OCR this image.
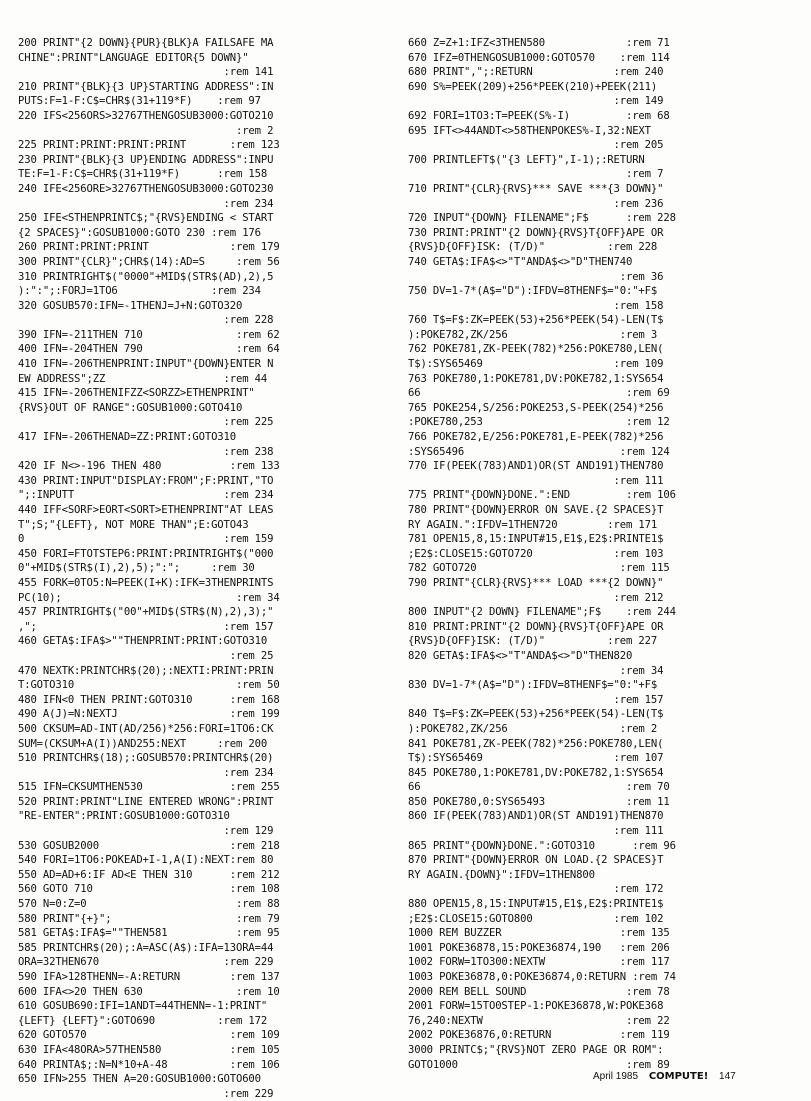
200 PRINT"{2 DOWN}{PUR}{BLK}A FAILSAFE MA
CHINE":PRINT"LANGUAGE EDITOR{5 DOWN}"
:rem 141
210 PRINT"{BLK}{3 UP}STARTING ADDRESS":IN
PUTS:F=1-F:C$=CHR$(31+119*F)    :rem 97
220 IFS<256ORS>32767THENGOSUB3000:GOTO210
:rem 2
225 PRINT:PRINT:PRINT:PRINT       :rem 123
230 PRINT"{BLK}{3 UP}ENDING ADDRESS":INPU
TE:F=1-F:C$=CHR$(31+119*F)      :rem 158
240 IFE<256ORE>32767THENGOSUB3000:GOTO230
:rem 234
250 IFE<STHENPRINTC$;"{RVS}ENDING < START
{2 SPACES}":GOSUB1000:GOTO 230 :rem 176
260 PRINT:PRINT:PRINT             :rem 179
300 PRINT"{CLR}";CHR$(14):AD=S     :rem 56
310 PRINTRIGHT$("0000"+MID$(STR$(AD),2),5
):":";:FORJ=1TO6               :rem 234
320 GOSUB570:IFN=-1THENJ=J+N:GOTO320
:rem 228
390 IFN=-211THEN 710               :rem 62
400 IFN=-204THEN 790               :rem 64
410 IFN=-206THENPRINT:INPUT"{DOWN}ENTER N
EW ADDRESS";ZZ                   :rem 44
415 IFN=-206THENIFZZ<SORZZ>ETHENPRINT"
{RVS}OUT OF RANGE":GOSUB1000:GOTO410
:rem 225
417 IFN=-206THENAD=ZZ:PRINT:GOTO310
:rem 238
420 IF N<>-196 THEN 480           :rem 133
430 PRINT:INPUT"DISPLAY:FROM";F:PRINT,"TO
";:INPUTT                        :rem 234
440 IFF<SORF>EORT<SORT>ETHENPRINT"AT LEAS
T";S;"{LEFT}, NOT MORE THAN";E:GOTO43
0                                :rem 159
450 FORI=FTOTSTEP6:PRINT:PRINTRIGHT$("000
0"+MID$(STR$(I),2),5);":";     :rem 30
455 FORK=0TO5:N=PEEK(I+K):IFK=3THENPRINTS
PC(10);                            :rem 34
457 PRINTRIGHT$("00"+MID$(STR$(N),2),3);"
,";                              :rem 157
460 GETA$:IFA$>""THENPRINT:PRINT:GOTO310
:rem 25
470 NEXTK:PRINTCHR$(20);:NEXTI:PRINT:PRIN
T:GOTO310                          :rem 50
480 IFN<0 THEN PRINT:GOTO310      :rem 168
490 A(J)=N:NEXTJ                  :rem 199
500 CKSUM=AD-INT(AD/256)*256:FORI=1TO6:CK
SUM=(CKSUM+A(I))AND255:NEXT     :rem 200
510 PRINTCHR$(18);:GOSUB570:PRINTCHR$(20)
:rem 234
515 IFN=CKSUMTHEN530              :rem 255
520 PRINT:PRINT"LINE ENTERED WRONG":PRINT
"RE-ENTER":PRINT:GOSUB1000:GOTO310
:rem 129
530 GOSUB2000                     :rem 218
540 FORI=1TO6:POKEAD+I-1,A(I):NEXT:rem 80
550 AD=AD+6:IF AD<E THEN 310      :rem 212
560 GOTO 710                      :rem 108
570 N=0:Z=0                        :rem 88
580 PRINT"{+}";                    :rem 79
581 GETA$:IFA$=""THEN581           :rem 95
585 PRINTCHR$(20);:A=ASC(A$):IFA=13ORA=44
ORA=32THEN670                    :rem 229
590 IFA>128THENN=-A:RETURN        :rem 137
600 IFA<>20 THEN 630               :rem 10
610 GOSUB690:IFI=1ANDT=44THENN=-1:PRINT"
{LEFT} {LEFT}":GOTO690          :rem 172
620 GOTO570                       :rem 109
630 IFA<48ORA>57THEN580           :rem 105
640 PRINTA$;:N=N*10+A-48          :rem 106
650 IFN>255 THEN A=20:GOSUB1000:GOTO600
:rem 229
660 Z=Z+1:IFZ<3THEN580             :rem 71
670 IFZ=0THENGOSUB1000:GOTO570    :rem 114
680 PRINT",";:RETURN             :rem 240
690 S%=PEEK(209)+256*PEEK(210)+PEEK(211)
:rem 149
692 FORI=1TO3:T=PEEK(S%-I)         :rem 68
695 IFT<>44ANDT<>58THENPOKES%-I,32:NEXT
:rem 205
700 PRINTLEFT$("{3 LEFT}",I-1);:RETURN
:rem 7
710 PRINT"{CLR}{RVS}*** SAVE ***{3 DOWN}"
:rem 236
720 INPUT"{DOWN} FILENAME";F$      :rem 228
730 PRINT:PRINT"{2 DOWN}{RVS}T{OFF}APE OR
{RVS}D{OFF}ISK: (T/D)"          :rem 228
740 GETA$:IFA$<>"T"ANDA$<>"D"THEN740
:rem 36
750 DV=1-7*(A$="D"):IFDV=8THENF$="0:"+F$
:rem 158
760 T$=F$:ZK=PEEK(53)+256*PEEK(54)-LEN(T$
):POKE782,ZK/256                  :rem 3
762 POKE781,ZK-PEEK(782)*256:POKE780,LEN(
T$):SYS65469                     :rem 109
763 POKE780,1:POKE781,DV:POKE782,1:SYS654
66                                 :rem 69
765 POKE254,S/256:POKE253,S-PEEK(254)*256
:POKE780,253                       :rem 12
766 POKE782,E/256:POKE781,E-PEEK(782)*256
:SYS65496                         :rem 124
770 IF(PEEK(783)AND1)OR(ST AND191)THEN780
:rem 111
775 PRINT"{DOWN}DONE.":END         :rem 106
780 PRINT"{DOWN}ERROR ON SAVE.{2 SPACES}T
RY AGAIN.":IFDV=1THEN720        :rem 171
781 OPEN15,8,15:INPUT#15,E1$,E2$:PRINTE1$
;E2$:CLOSE15:GOTO720             :rem 103
782 GOTO720                       :rem 115
790 PRINT"{CLR}{RVS}*** LOAD ***{2 DOWN}"
:rem 212
800 INPUT"{2 DOWN} FILENAME";F$    :rem 244
810 PRINT:PRINT"{2 DOWN}{RVS}T{OFF}APE OR
{RVS}D{OFF}ISK: (T/D)"          :rem 227
820 GETA$:IFA$<>"T"ANDA$<>"D"THEN820
:rem 34
830 DV=1-7*(A$="D"):IFDV=8THENF$="0:"+F$
:rem 157
840 T$=F$:ZK=PEEK(53)+256*PEEK(54)-LEN(T$
):POKE782,ZK/256                  :rem 2
841 POKE781,ZK-PEEK(782)*256:POKE780,LEN(
T$):SYS65469                     :rem 107
845 POKE780,1:POKE781,DV:POKE782,1:SYS654
66                                 :rem 70
850 POKE780,0:SYS65493             :rem 11
860 IF(PEEK(783)AND1)OR(ST AND191)THEN870
:rem 111
865 PRINT"{DOWN}DONE.":GOTO310      :rem 96
870 PRINT"{DOWN}ERROR ON LOAD.{2 SPACES}T
RY AGAIN.{DOWN}":IFDV=1THEN800
:rem 172
880 OPEN15,8,15:INPUT#15,E1$,E2$:PRINTE1$
;E2$:CLOSE15:GOTO800             :rem 102
1000 REM BUZZER                   :rem 135
1001 POKE36878,15:POKE36874,190   :rem 206
1002 FORW=1TO300:NEXTW            :rem 117
1003 POKE36878,0:POKE36874,0:RETURN :rem 74
2000 REM BELL SOUND                :rem 78
2001 FORW=15TO0STEP-1:POKE36878,W:POKE368
76,240:NEXTW                       :rem 22
2002 POKE36876,0:RETURN           :rem 119
3000 PRINTC$;"{RVS}NOT ZERO PAGE OR ROM":
GOTO1000                           :rem 89
April 1985 COMPUTE! 147
